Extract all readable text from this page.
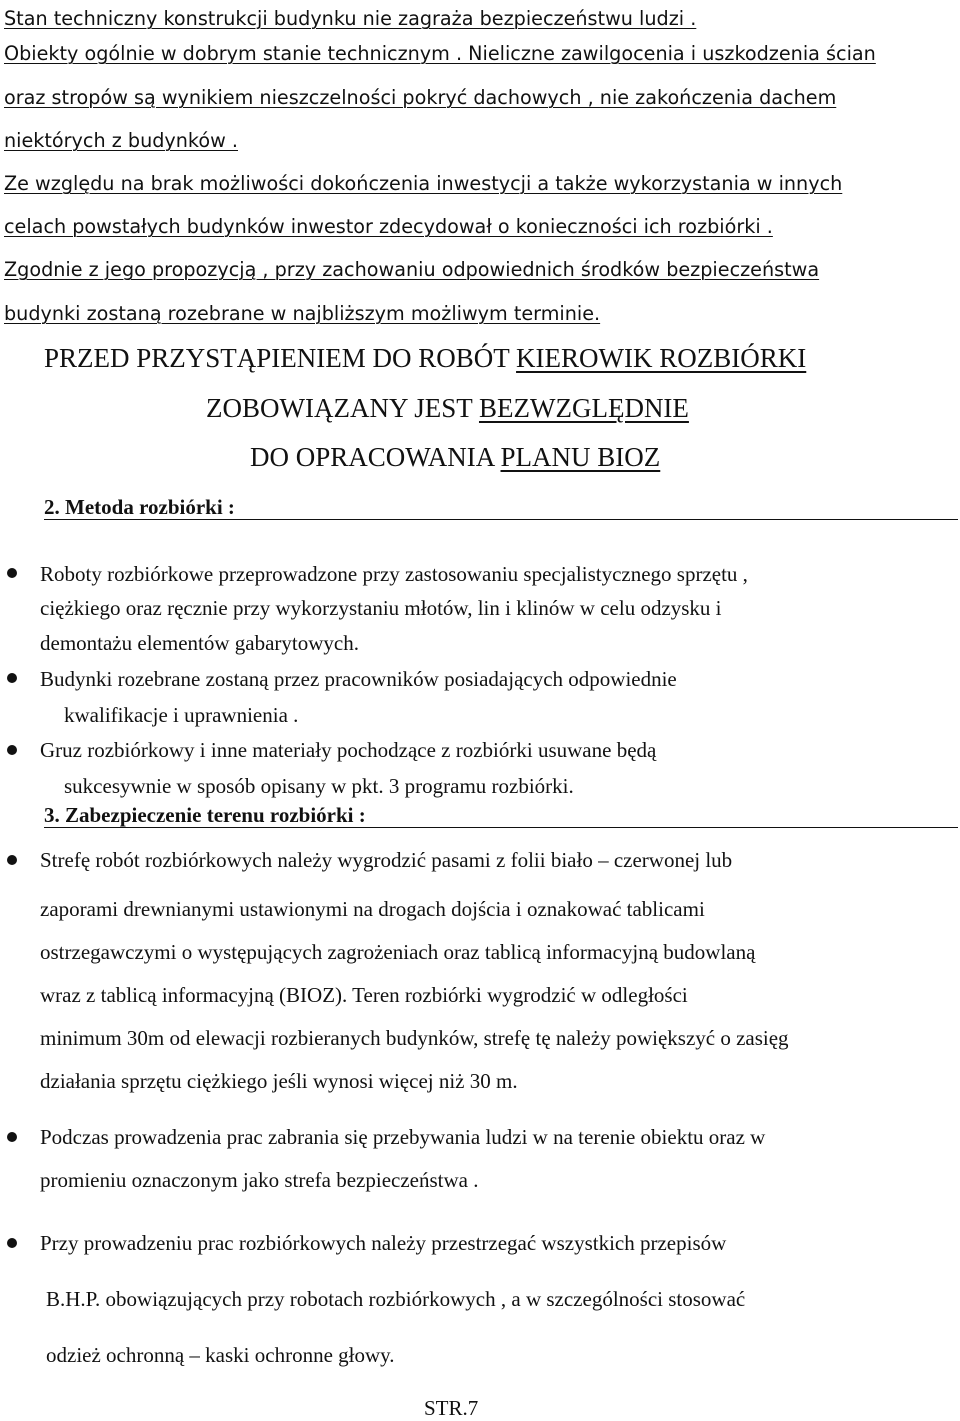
Stan techniczny konstrukcji budynku nie zagraża bezpieczeństwu ludzi .
Obiekty ogólnie w dobrym stanie technicznym . Nieliczne zawilgocenia i uszkodzenia ścian
oraz stropów są wynikiem nieszczelności pokryć dachowych , nie zakończenia dachem
niektórych z budynków .
Ze względu na brak możliwości dokończenia inwestycji a także wykorzystania w innych
celach powstałych budynków inwestor zdecydował o konieczności ich rozbiórki .
Zgodnie z jego propozycją , przy zachowaniu odpowiednich środków bezpieczeństwa
budynki zostaną rozebrane w najbliższym możliwym terminie.
PRZED PRZYSTĄPIENIEM DO ROBÓT KIEROWIK ROZBIÓRKI
ZOBOWIĄZANY JEST BEZWZGLĘDNIE
DO OPRACOWANIA PLANU BIOZ
2. Metoda rozbiórki :
Roboty rozbiórkowe przeprowadzone przy zastosowaniu specjalistycznego sprzętu ,
ciężkiego oraz ręcznie przy wykorzystaniu młotów, lin i klinów w celu odzysku i
demontażu elementów gabarytowych.
Budynki rozebrane zostaną przez pracowników posiadających odpowiednie
kwalifikacje i uprawnienia .
Gruz rozbiórkowy i inne materiały pochodzące z rozbiórki usuwane będą
sukcesywnie w sposób opisany w pkt. 3 programu rozbiórki.
3. Zabezpieczenie terenu rozbiórki :
Strefę robót rozbiórkowych należy wygrodzić pasami z folii biało – czerwonej lub
zaporami drewnianymi ustawionymi na drogach dojścia i oznakować tablicami
ostrzegawczymi o występujących zagrożeniach oraz tablicą informacyjną budowlaną
wraz z tablicą informacyjną (BIOZ). Teren rozbiórki wygrodzić w odległości
minimum 30m od elewacji rozbieranych budynków, strefę tę należy powiększyć o zasięg
działania sprzętu ciężkiego jeśli wynosi więcej niż 30 m.
Podczas prowadzenia prac zabrania się przebywania ludzi w na terenie obiektu oraz w
promieniu oznaczonym jako strefa bezpieczeństwa .
Przy prowadzeniu prac rozbiórkowych należy przestrzegać wszystkich przepisów
B.H.P. obowiązujących przy robotach rozbiórkowych , a w szczególności stosować
odzież ochronną – kaski ochronne głowy.
STR.7
